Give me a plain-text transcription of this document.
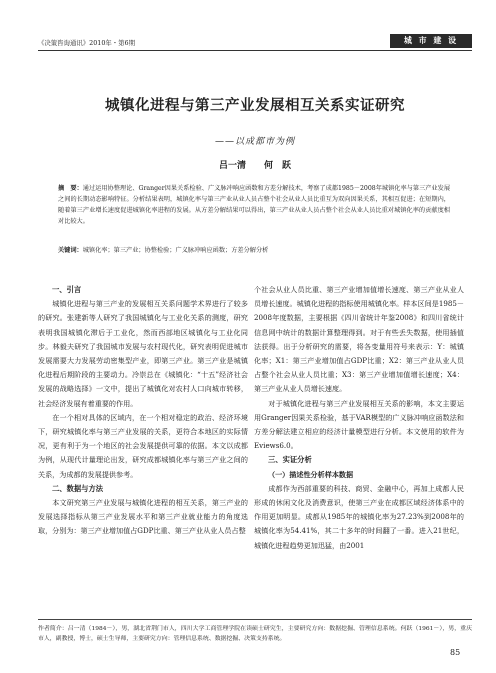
《决策咨询通讯》2010年・第6期	城 市 建 设
城镇化进程与第三产业发展相互关系实证研究
——以成都市为例
吕一清　　何　跃
摘　要：通过运用协整理论、Granger因果关系检验、广义脉冲响应函数和方差分解技术，考察了成都1985－2008年城镇化率与第三产业发展之间的长期动态影响特征。分析结果表明，城镇化率与第三产业从业人员占整个社会从业人员比重互为双向因果关系，其相互促进；在短期内，随着第三产业增长速度促进城镇化率进程的发展。从方差分解结果可以得出，第三产业从业人员占整个社会从业人员比重对城镇化率的贡献度相对比较大。
关键词：城镇化率；第三产业；协整检验；广义脉冲响应函数；方差分解分析
一、引言

城镇化进程与第三产业的发展相互关系问题学术界进行了较多的研究。张建新等人研究了我国城镇化与工业化关系的测度，研究表明我国城镇化滞后于工业化，然而西部地区城镇化与工业化同步。林毅夫研究了我国城市发展与农村现代化，研究表明促进城市发展需要大力发展劳动密集型产业，即第三产业。第三产业是城镇化进程后期阶段的主要动力。冷崇总在《城镇化：“十五”经济社会发展的战略选择》一文中，提出了城镇化对农村人口向城市转移，社会经济发展有着重要的作用。

在一个相对具体的区域内，在一个相对稳定的政治、经济环境下，研究城镇化率与第三产业发展的关系，更符合本地区的实际情况，更有利于为一个地区的社会发展提供可靠的依据。本文以成都为例，从现代计量理论出发，研究成都城镇化率与第三产业之间的关系，为成都的发展提供参考。

二、数据与方法

本文研究第三产业发展与城镇化进程的相互关系，第三产业的发展选择指标从第三产业发展水平和第三产业就业能力的角度选取，分别为：第三产业增加值占GDP比重、第三产业从业人员占整

个社会从业人员比重、第三产业增加值增长速度、第三产业从业人员增长速度。城镇化进程的指标使用城镇化率。样本区间是1985－2008年度数据，主要根据《四川省统计年鉴2008》和四川省统计信息网中统计的数据计算整理得到。对于有些丢失数据，使用插值法获得。出于分析研究的需要，将各变量用符号来表示：Y：城镇化率；X1：第三产业增加值占GDP比重；X2：第三产业从业人员占整个社会从业人员比重；X3：第三产业增加值增长速度；X4：第三产业从业人员增长速度。

对于城镇化进程与第三产业发展相互关系的影响，本文主要运用Granger因果关系检验，基于VAR模型的广义脉冲响应函数法和方差分解法建立相应的经济计量模型进行分析。本文使用的软件为Eviews6.0。

三、实证分析
（一）描述性分析样本数据

成都作为西部重要的科技、商贸、金融中心，再加上成都人民形成的休闲文化及消费意识，使第三产业在成都区域经济体系中的作用更加明显。成都从1985年的城镇化率为27.23%到2008年的城镇化率为54.41%，其二十多年的时间翻了一番。进入21世纪，城镇化进程趋势更加迅猛，由2001

作者简介：吕一清（1984－），男，湖北省荆门市人，四川大学工商管理学院在读硕士研究生，主要研究方向：数据挖掘、管理信息系统。何跃（1961－），男，重庆市人，副教授，博士，硕士生导师，主要研究方向：管理信息系统、数据挖掘、决策支持系统。
85
